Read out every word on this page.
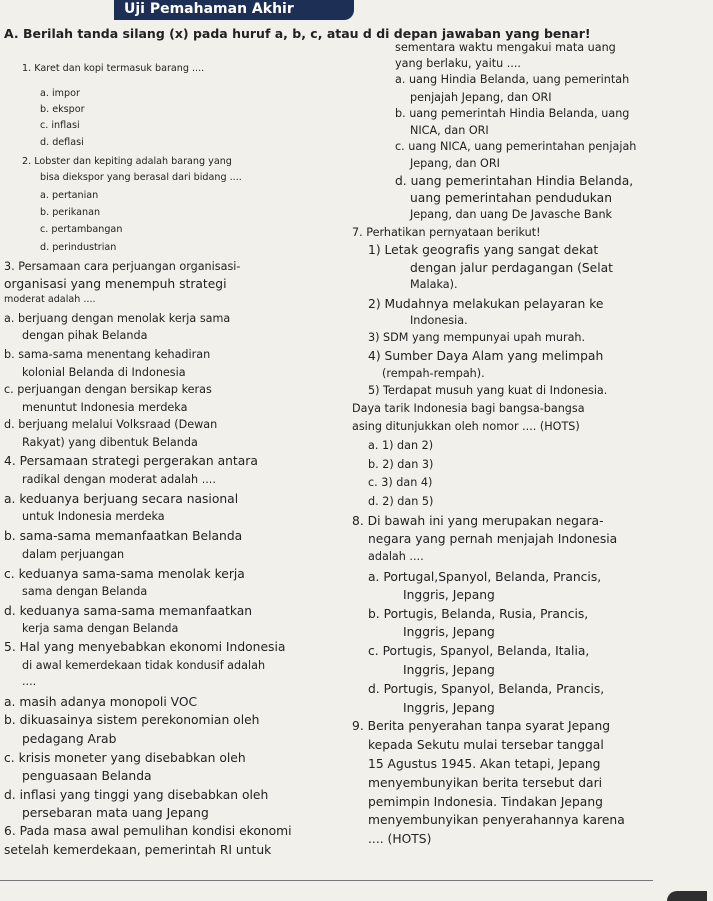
Uji Pemahaman Akhir
A. Berilah tanda silang (x) pada huruf a, b, c, atau d di depan jawaban yang benar!
1. Karet dan kopi termasuk barang ....
a. impor
b. ekspor
c. inflasi
d. deflasi
2. Lobster dan kepiting adalah barang yang
bisa diekspor yang berasal dari bidang ....
a. pertanian
b. perikanan
c. pertambangan
d. perindustrian
3. Persamaan cara perjuangan organisasi-
organisasi yang menempuh strategi
moderat adalah ....
a. berjuang dengan menolak kerja sama
dengan pihak Belanda
b. sama-sama menentang kehadiran
kolonial Belanda di Indonesia
c. perjuangan dengan bersikap keras
menuntut Indonesia merdeka
d. berjuang melalui Volksraad (Dewan
Rakyat) yang dibentuk Belanda
4. Persamaan strategi pergerakan antara
radikal dengan moderat adalah ....
a. keduanya berjuang secara nasional
untuk Indonesia merdeka
b. sama-sama memanfaatkan Belanda
dalam perjuangan
c. keduanya sama-sama menolak kerja
sama dengan Belanda
d. keduanya sama-sama memanfaatkan
kerja sama dengan Belanda
5. Hal yang menyebabkan ekonomi Indonesia
di awal kemerdekaan tidak kondusif adalah
....
a. masih adanya monopoli VOC
b. dikuasainya sistem perekonomian oleh
pedagang Arab
c. krisis moneter yang disebabkan oleh
penguasaan Belanda
d. inflasi yang tinggi yang disebabkan oleh
persebaran mata uang Jepang
6. Pada masa awal pemulihan kondisi ekonomi
setelah kemerdekaan, pemerintah RI untuk
sementara waktu mengakui mata uang
yang berlaku, yaitu ....
a. uang Hindia Belanda, uang pemerintah
penjajah Jepang, dan ORI
b. uang pemerintah Hindia Belanda, uang
NICA, dan ORI
c. uang NICA, uang pemerintahan penjajah
Jepang, dan ORI
d. uang pemerintahan Hindia Belanda,
uang pemerintahan pendudukan
Jepang, dan uang De Javasche Bank
7. Perhatikan pernyataan berikut!
1) Letak geografis yang sangat dekat
dengan jalur perdagangan (Selat
Malaka).
2) Mudahnya melakukan pelayaran ke
Indonesia.
3) SDM yang mempunyai upah murah.
4) Sumber Daya Alam yang melimpah
(rempah-rempah).
5) Terdapat musuh yang kuat di Indonesia.
Daya tarik Indonesia bagi bangsa-bangsa
asing ditunjukkan oleh nomor .... (HOTS)
a. 1) dan 2)
b. 2) dan 3)
c. 3) dan 4)
d. 2) dan 5)
8. Di bawah ini yang merupakan negara-
negara yang pernah menjajah Indonesia
adalah ....
a. Portugal,Spanyol, Belanda, Prancis,
Inggris, Jepang
b. Portugis, Belanda, Rusia, Prancis,
Inggris, Jepang
c. Portugis, Spanyol, Belanda, Italia,
Inggris, Jepang
d. Portugis, Spanyol, Belanda, Prancis,
Inggris, Jepang
9. Berita penyerahan tanpa syarat Jepang
kepada Sekutu mulai tersebar tanggal
15 Agustus 1945. Akan tetapi, Jepang
menyembunyikan berita tersebut dari
pemimpin Indonesia. Tindakan Jepang
menyembunyikan penyerahannya karena
.... (HOTS)
